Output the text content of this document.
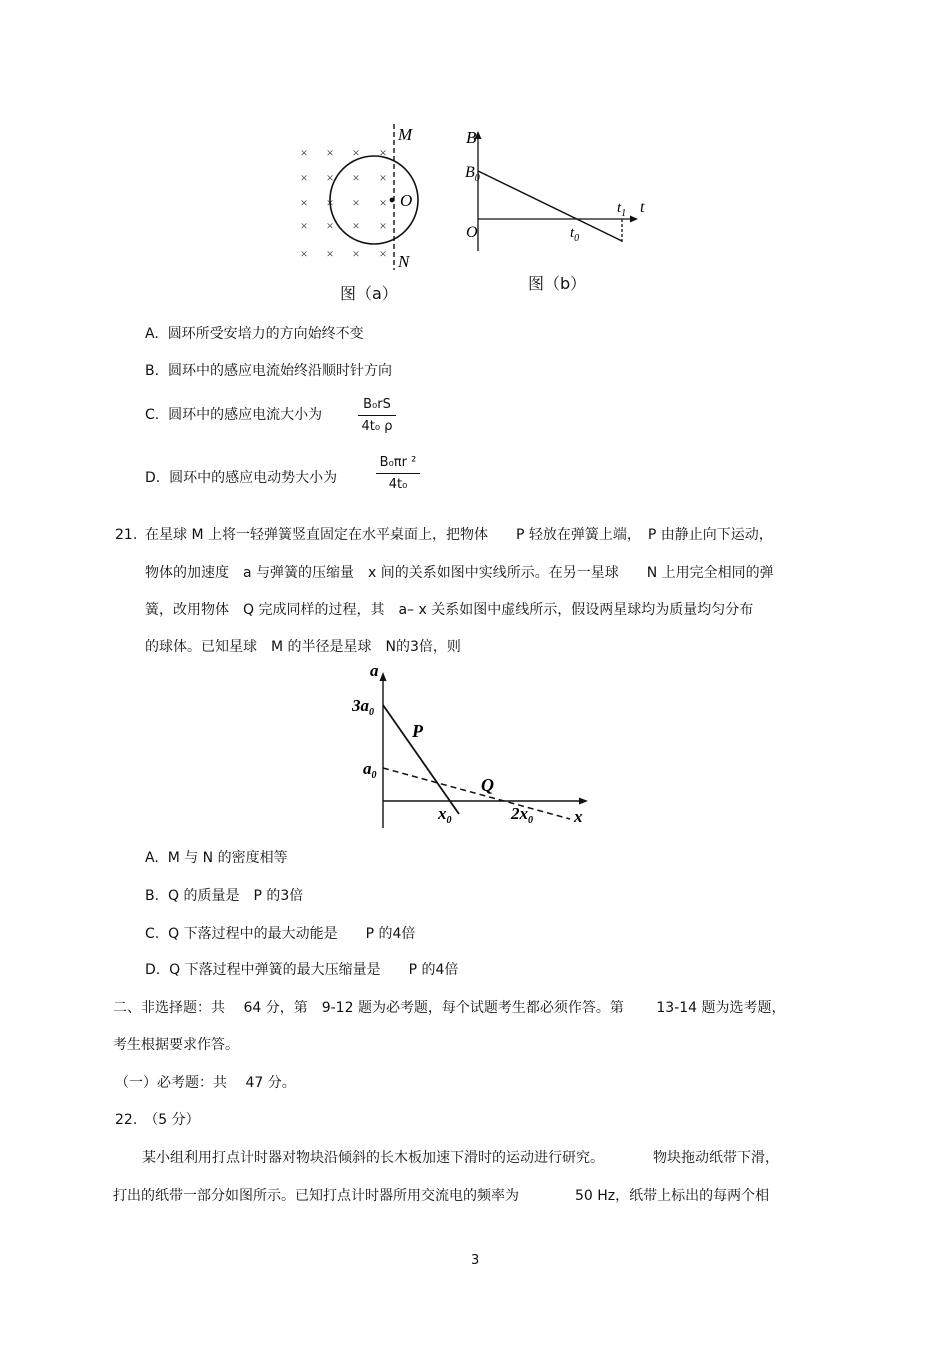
× × × ×
× × × ×
× × × ×
× × × ×
× × × ×
M
O
N
图（a）
B
$B_0$
O	$t_0$
$t_1$ t
图（b）
A. 圆环所受安培力的方向始终不变
B. 圆环中的感应电流始终沿顺时针方向
C. 圆环中的感应电流大小为
B₀rS
4t₀ ρ
D. 圆环中的感应电动势大小为
B₀πr ²
4t₀
21. 在星球 M 上将一轻弹簧竖直固定在水平桌面上，把物体　　P 轻放在弹簧上端，　P 由静止向下运动，
物体的加速度　a 与弹簧的压缩量　x 间的关系如图中实线所示。在另一星球　　N 上用完全相同的弹
簧，改用物体　Q 完成同样的过程，其　a– x 关系如图中虚线所示，假设两星球均为质量均匀分布
的球体。已知星球　M 的半径是星球　N的3倍，则
a
$3a_0$
$a_0$
P
Q
$x_0$	$2x_0$ x
A. M 与 N 的密度相等
B. Q 的质量是　P 的3倍
C. Q 下落过程中的最大动能是　　P 的4倍
D. Q 下落过程中弹簧的最大压缩量是　　P 的4倍
二、非选择题：共　 64 分，第　9-12 题为必考题，每个试题考生都必须作答。第　　 13-14 题为选考题，
考生根据要求作答。
（一）必考题：共　 47 分。
22.　（5 分）
　某小组利用打点计时器对物块沿倾斜的长木板加速下滑时的运动进行研究。　　　　物块拖动纸带下滑，
打出的纸带一部分如图所示。已知打点计时器所用交流电的频率为　　　　50 Hz，纸带上标出的每两个相
3
